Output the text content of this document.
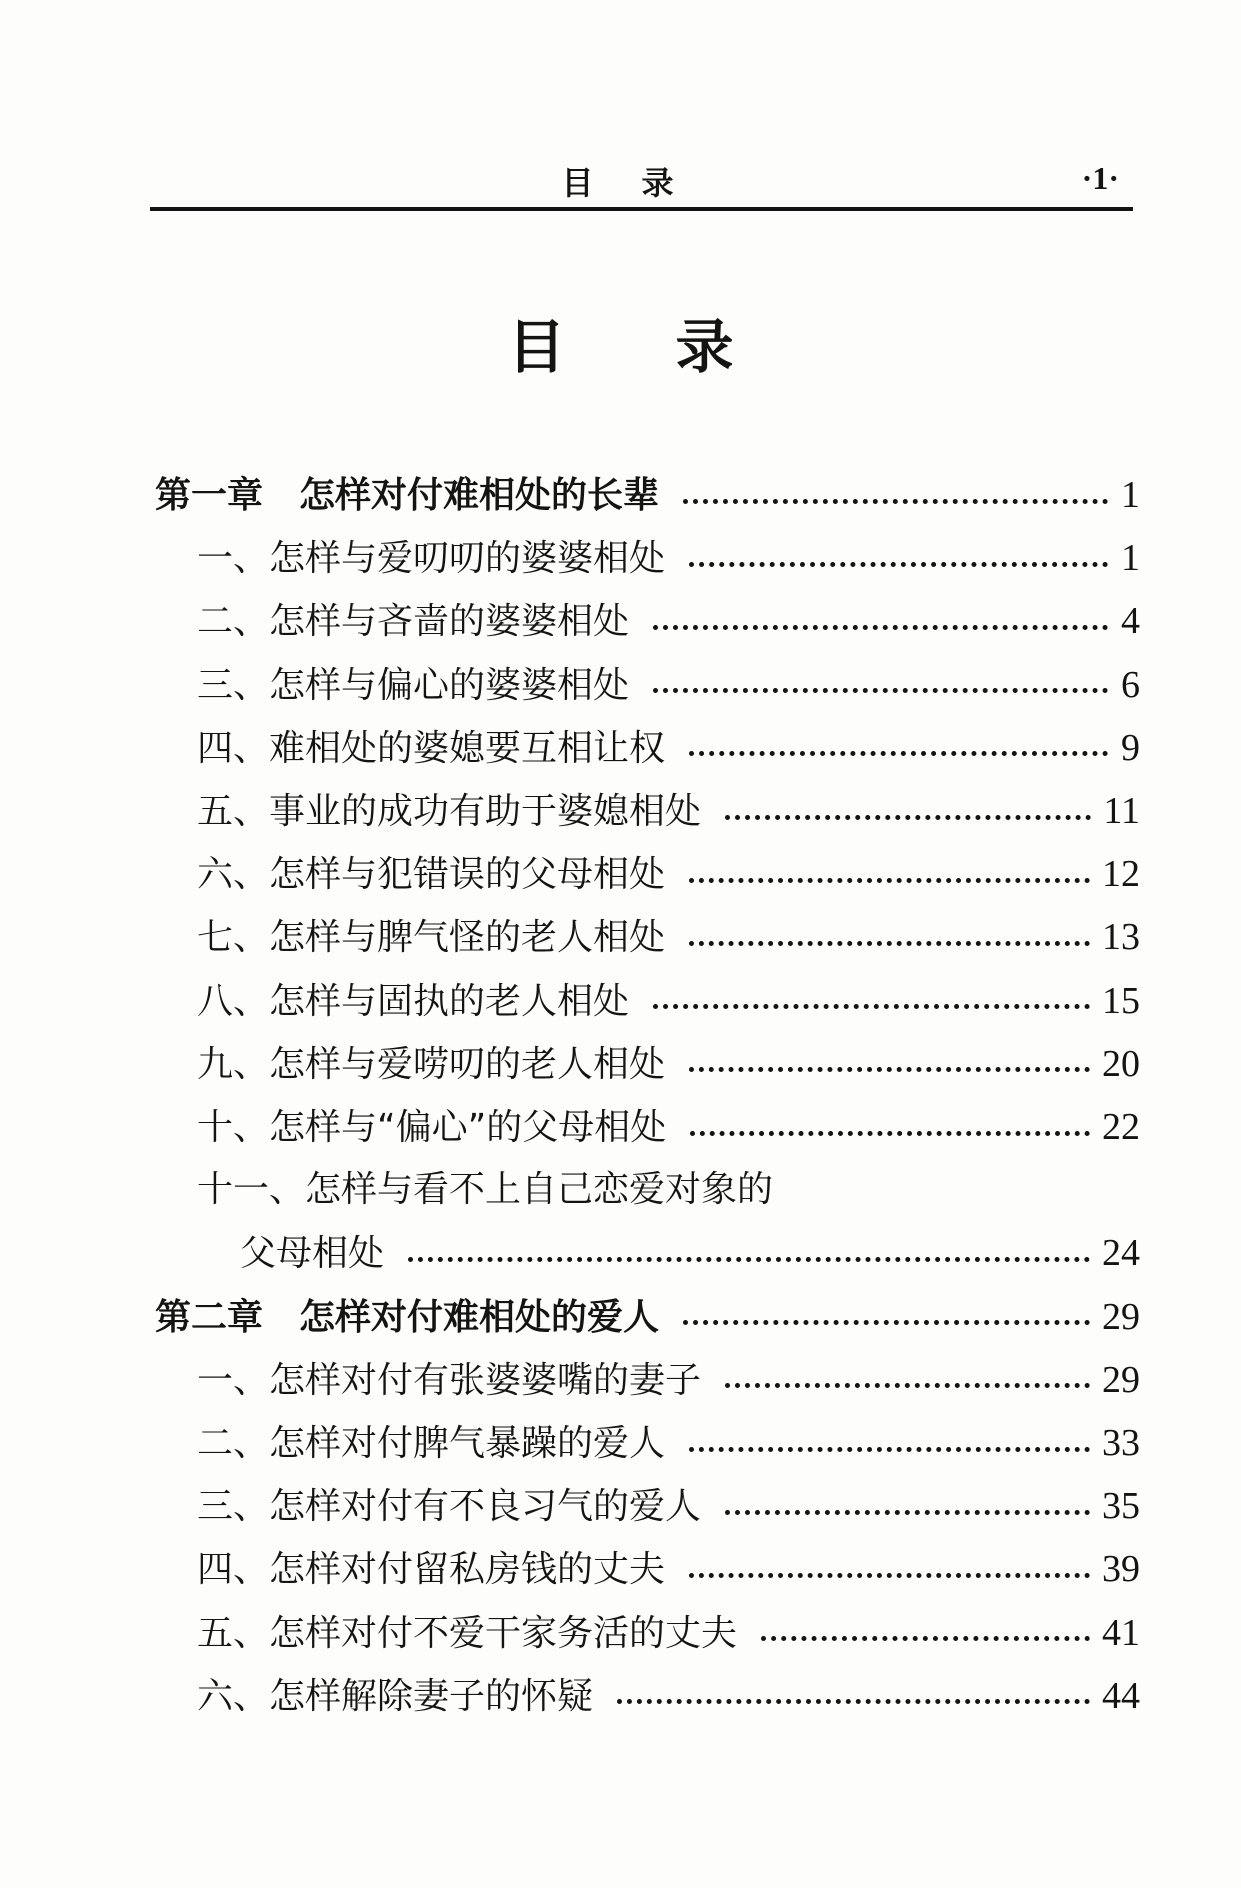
目录	·1·
目录
第一章　怎样对付难相处的长辈	1
一、怎样与爱叨叨的婆婆相处	1
二、怎样与吝啬的婆婆相处	4
三、怎样与偏心的婆婆相处	6
四、难相处的婆媳要互相让权	9
五、事业的成功有助于婆媳相处	11
六、怎样与犯错误的父母相处	12
七、怎样与脾气怪的老人相处	13
八、怎样与固执的老人相处	15
九、怎样与爱唠叨的老人相处	20
十、怎样与“偏心”的父母相处	22
十一、怎样与看不上自己恋爱对象的
父母相处	24
第二章　怎样对付难相处的爱人	29
一、怎样对付有张婆婆嘴的妻子	29
二、怎样对付脾气暴躁的爱人	33
三、怎样对付有不良习气的爱人	35
四、怎样对付留私房钱的丈夫	39
五、怎样对付不爱干家务活的丈夫	41
六、怎样解除妻子的怀疑	44
